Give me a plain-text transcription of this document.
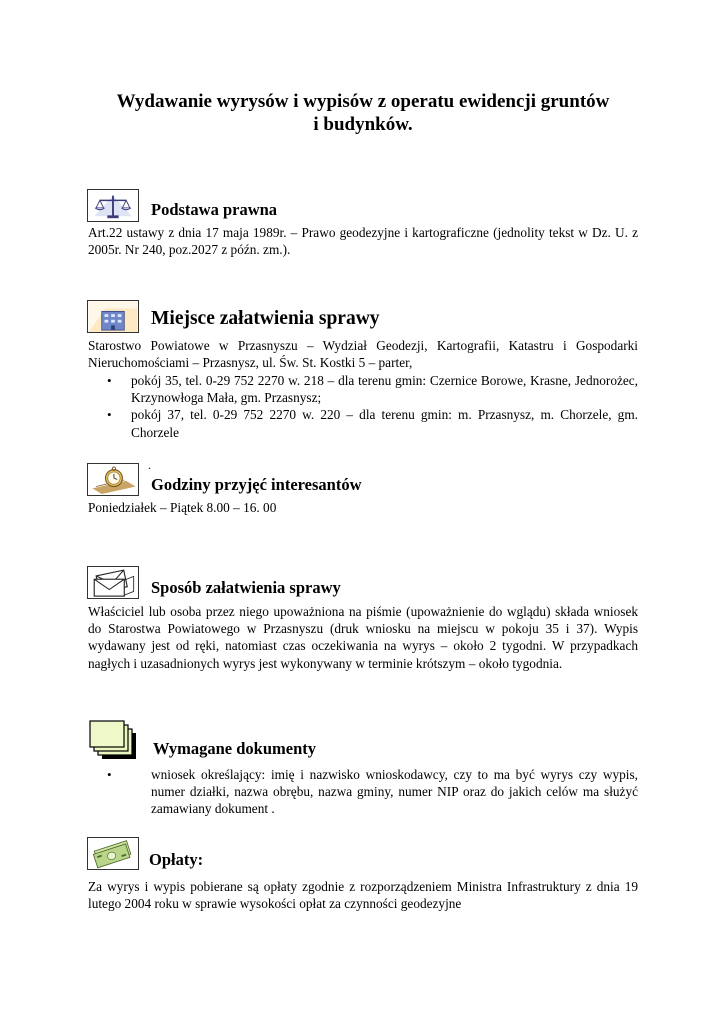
Wydawanie wyrysów i wypisów z operatu ewidencji gruntów
i budynków.
Podstawa prawna
Art.22 ustawy z dnia 17 maja 1989r. – Prawo geodezyjne i kartograficzne (jednolity tekst w Dz. U. z 2005r. Nr 240, poz.2027 z późn. zm.).
Miejsce załatwienia sprawy
Starostwo Powiatowe w Przasnyszu – Wydział Geodezji, Kartografii, Katastru i Gospodarki Nieruchomościami – Przasnysz, ul. Św. St. Kostki 5 – parter,
• pokój 35, tel. 0-29 752 2270 w. 218 – dla terenu gmin: Czernice Borowe, Krasne, Jednorożec, Krzynowłoga Mała, gm. Przasnysz;
• pokój 37, tel. 0-29 752 2270 w. 220 – dla terenu gmin: m. Przasnysz, m. Chorzele, gm. Chorzele
.
Godziny przyjęć interesantów
Poniedziałek – Piątek 8.00 – 16. 00
Sposób załatwienia sprawy
Właściciel lub osoba przez niego upoważniona na piśmie (upoważnienie do wglądu) składa wniosek do Starostwa Powiatowego w Przasnyszu (druk wniosku na miejscu w pokoju 35 i 37). Wypis wydawany jest od ręki, natomiast czas oczekiwania na wyrys – około 2 tygodni. W przypadkach nagłych i uzasadnionych wyrys jest wykonywany w terminie krótszym – około tygodnia.
Wymagane dokumenty
• wniosek określający: imię i nazwisko wnioskodawcy, czy to ma być wyrys czy wypis, numer działki, nazwa obrębu, nazwa gminy, numer NIP oraz do jakich celów ma służyć zamawiany dokument .
Opłaty:
Za wyrys i wypis pobierane są opłaty zgodnie z rozporządzeniem Ministra Infrastruktury z dnia 19 lutego 2004 roku w sprawie wysokości opłat za czynności geodezyjne
